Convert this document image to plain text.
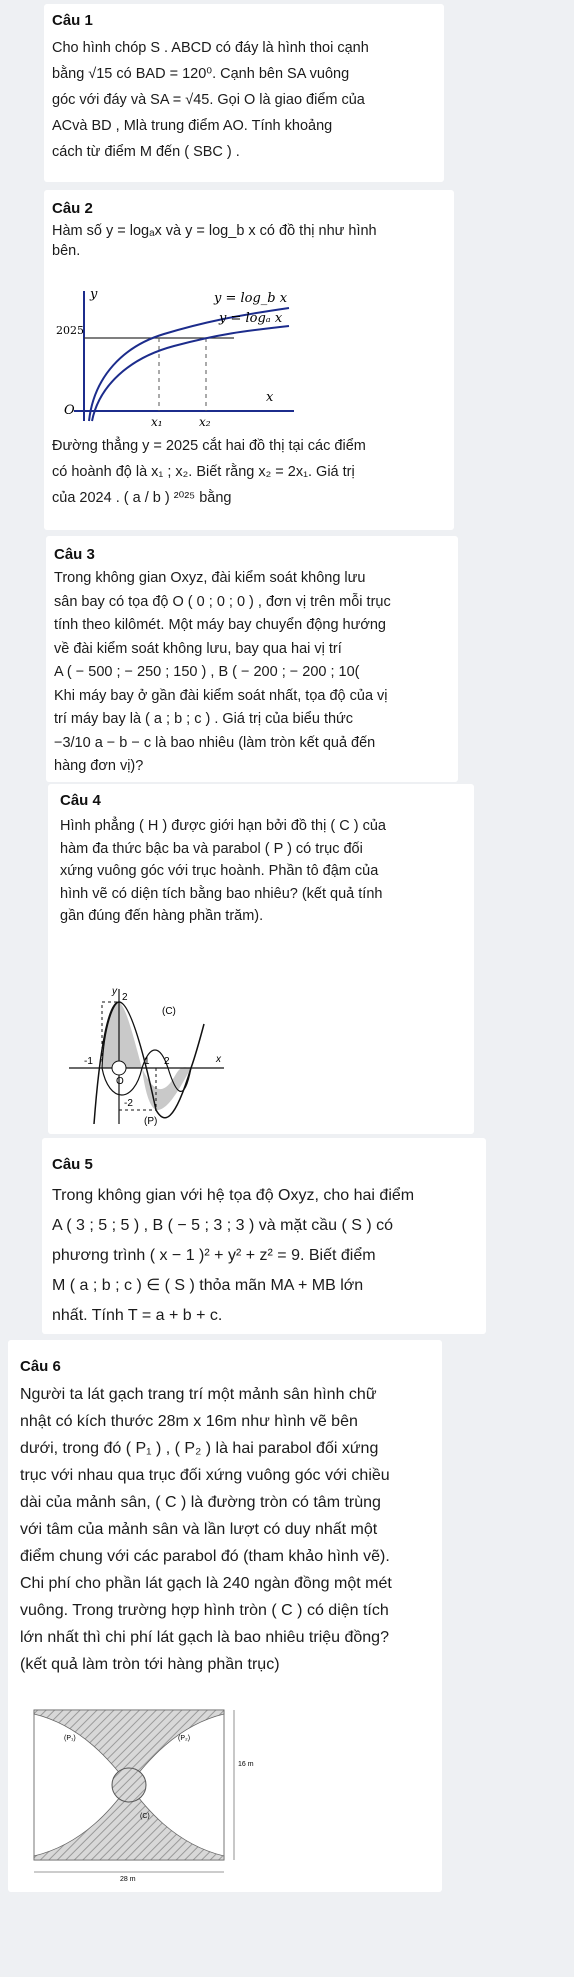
Câu 1
Cho hình chóp S . ABCD có đáy là hình thoi cạnh
bằng √15 có BAD = 120⁰. Cạnh bên SA vuông
góc với đáy và SA = √45. Gọi O là giao điểm của
ACvà BD , Mlà trung điểm AO. Tính khoảng
cách từ điểm M đến ( SBC ) .
Câu 2
Hàm số y = logₐx và y = log_b x có đồ thị như hình
bên.
y
2025
O
x
x₁	x₂
y = log_b x
y = logₐ x
Đường thẳng y = 2025 cắt hai đồ thị tại các điểm
có hoành độ là x₁ ; x₂. Biết rằng x₂ = 2x₁. Giá trị
của 2024 . ( a / b ) ²⁰²⁵ bằng
Câu 3
Trong không gian Oxyz, đài kiểm soát không lưu
sân bay có tọa độ O ( 0 ; 0 ; 0 ) , đơn vị trên mỗi trục
tính theo kilômét. Một máy bay chuyển động hướng
về đài kiểm soát không lưu, bay qua hai vị trí
A ( − 500 ; − 250 ; 150 ) , B ( − 200 ; − 200 ; 10(
Khi máy bay ở gần đài kiểm soát nhất, tọa độ của vị
trí máy bay là ( a ; b ; c ) . Giá trị của biểu thức
−3/10 a − b − c là bao nhiêu (làm tròn kết quả đến
hàng đơn vị)?
Câu 4
Hình phẳng ( H ) được giới hạn bởi đồ thị ( C ) của
hàm đa thức bậc ba và parabol ( P ) có trục đối
xứng vuông góc với trục hoành. Phần tô đậm của
hình vẽ có diện tích bằng bao nhiêu? (kết quả tính
gần đúng đến hàng phần trăm).
y
2
(C)
-1	1 2	x
O
-2
(P)
Câu 5
Trong không gian với hệ tọa độ Oxyz, cho hai điểm
A ( 3 ; 5 ; 5 ) , B ( − 5 ; 3 ; 3 ) và mặt cầu ( S ) có
phương trình ( x − 1 )² + y² + z² = 9. Biết điểm
M ( a ; b ; c ) ∈ ( S ) thỏa mãn MA + MB lớn
nhất. Tính T = a + b + c.
Câu 6
Người ta lát gạch trang trí một mảnh sân hình chữ
nhật có kích thước 28m x 16m như hình vẽ bên
dưới, trong đó ( P₁ ) , ( P₂ ) là hai parabol đối xứng
trục với nhau qua trục đối xứng vuông góc với chiều
dài của mảnh sân, ( C ) là đường tròn có tâm trùng
với tâm của mảnh sân và lần lượt có duy nhất một
điểm chung với các parabol đó (tham khảo hình vẽ).
Chi phí cho phần lát gạch là 240 ngàn đồng một mét
vuông. Trong trường hợp hình tròn ( C ) có diện tích
lớn nhất thì chi phí lát gạch là bao nhiêu triệu đồng?
(kết quả làm tròn tới hàng phần trục)
(P₁)	(P₂)
16 m
(C)
28 m
